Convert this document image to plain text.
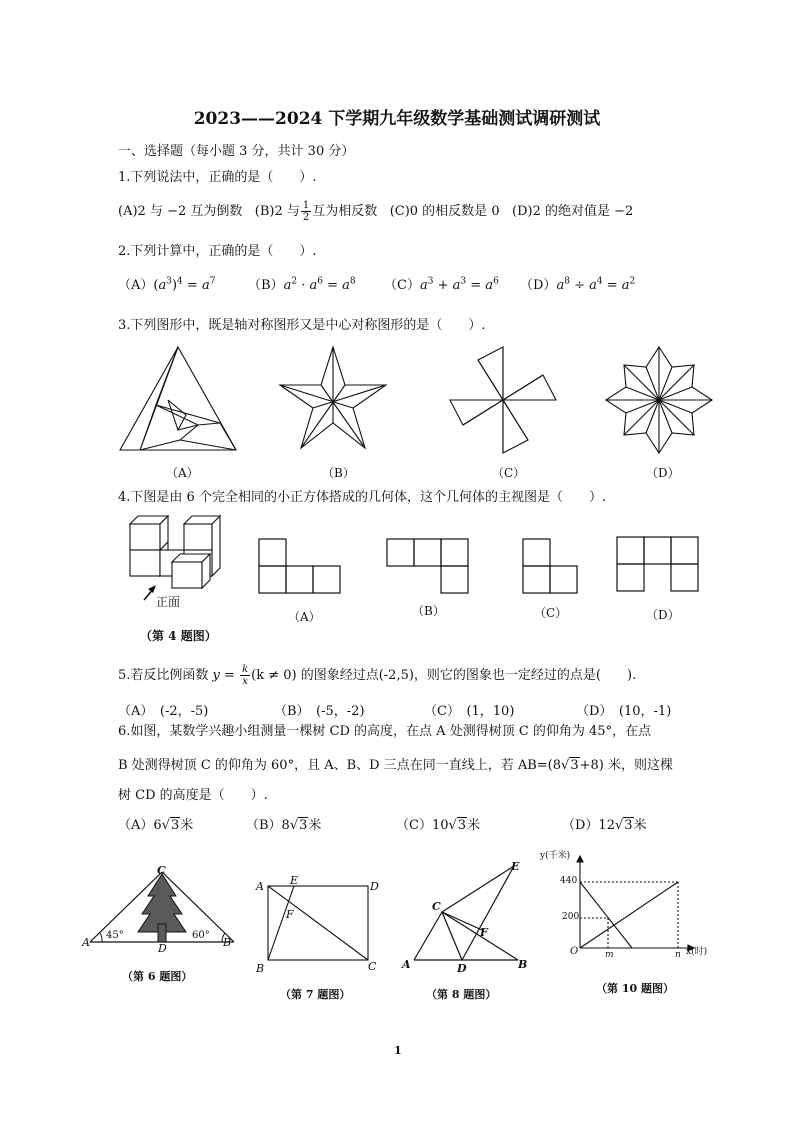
2023——2024 下学期九年级数学基础测试调研测试
一、选择题（每小题 3 分，共计 30 分）
1.下列说法中，正确的是（　　）.
(A)2 与 −2 互为倒数 (B)2 与 $\frac{1}{2}$ 互为相反数 (C)0 的相反数是 0 (D)2 的绝对值是 −2
2.下列计算中，正确的是（　　）.
$(A)(a^3)^4 = a^7$	$(B)a^2 \cdot a^6 = a^8$ $(C)a^3 + a^3 = a^6$ $(D)a^8 \div a^4 = a^2$
3.下列图形中，既是轴对称图形又是中心对称图形的是（　　）.
（A）	（B）	（C）	（D）
4.下图是由 6 个完全相同的小正方体搭成的几何体，这个几何体的主视图是（　　）.
正面
（第 4 题图）
（A）	（B）	（C）	（D）
5.若反比例函数 $y = \frac{k}{x} (k \ne 0)$ 的图象经过点(-2,5)，则它的图象也一定经过的点是(　　).
（A）　(-2，-5)	（B）　(-5，-2)	（C）　(1，10)	（D）　(10，-1)
6.如图，某数学兴趣小组测量一棵树 CD 的高度，在点 A 处测得树顶 C 的仰角为 45°，在点
B 处测得树顶 C 的仰角为 60°，且 A、B、D 三点在同一直线上，若 AB=(8√3+8) 米，则这棵
树 CD 的高度是（　　）.
（A）6√3米	（B）8√3米	（C）10√3米	（D）12√3米
C
A	B
D
45°	60°
（第 6 题图）
A E	D
F
B	C
（第 7 题图）
E
C
F
A	D	B
（第 8 题图）
y(千米)
440
200
O	m	n x(时)
（第 10 题图）
1
